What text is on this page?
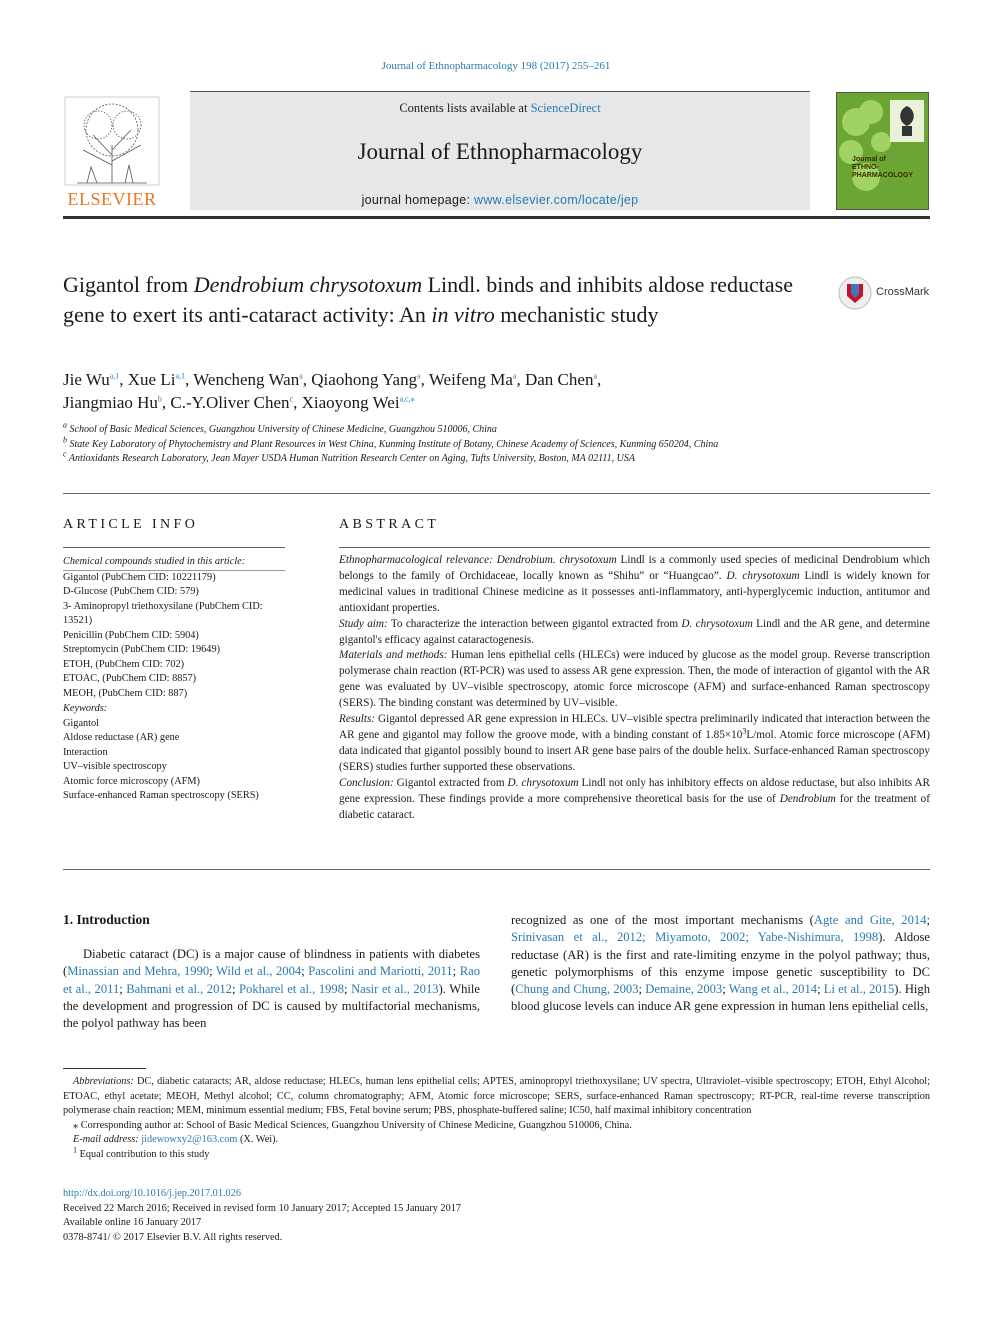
Journal of Ethnopharmacology 198 (2017) 255–261
ELSEVIER
Contents lists available at ScienceDirect
Journal of Ethnopharmacology
journal homepage: www.elsevier.com/locate/jep
Journal of ETHNO-PHARMACOLOGY
Gigantol from Dendrobium chrysotoxum Lindl. binds and inhibits aldose reductase gene to exert its anti-cataract activity: An in vitro mechanistic study
CrossMark
Jie Wu$^{a,1}$, Xue Li$^{a,1}$, Wencheng Wan$^a$, Qiaohong Yang$^a$, Weifeng Ma$^a$, Dan Chen$^a$,
Jiangmiao Hu$^b$, C.-Y.Oliver Chen$^c$, Xiaoyong Wei$^{a,c,⁎}$
$^a$ School of Basic Medical Sciences, Guangzhou University of Chinese Medicine, Guangzhou 510006, China
$^b$ State Key Laboratory of Phytochemistry and Plant Resources in West China, Kunming Institute of Botany, Chinese Academy of Sciences, Kunming 650204, China
$^c$ Antioxidants Research Laboratory, Jean Mayer USDA Human Nutrition Research Center on Aging, Tufts University, Boston, MA 02111, USA
ARTICLE INFO
Chemical compounds studied in this article:
Gigantol (PubChem CID: 10221179)
D-Glucose (PubChem CID: 579)
3- Aminopropyl triethoxysilane (PubChem CID: 13521)
Penicillin (PubChem CID: 5904)
Streptomycin (PubChem CID: 19649)
ETOH, (PubChem CID: 702)
ETOAC, (PubChem CID: 8857)
MEOH, (PubChem CID: 887)
Keywords:
Gigantol
Aldose reductase (AR) gene
Interaction
UV–visible spectroscopy
Atomic force microscopy (AFM)
Surface-enhanced Raman spectroscopy (SERS)
ABSTRACT

Ethnopharmacological relevance: Dendrobium. chrysotoxum Lindl is a commonly used species of medicinal Dendrobium which belongs to the family of Orchidaceae, locally known as “Shihu” or “Huangcao”. D. chrysotoxum Lindl is widely known for medicinal values in traditional Chinese medicine as it possesses anti-inflammatory, anti-hyperglycemic induction, antitumor and antioxidant properties.

Study aim: To characterize the interaction between gigantol extracted from D. chrysotoxum Lindl and the AR gene, and determine gigantol's efficacy against cataractogenesis.

Materials and methods: Human lens epithelial cells (HLECs) were induced by glucose as the model group. Reverse transcription polymerase chain reaction (RT-PCR) was used to assess AR gene expression. Then, the mode of interaction of gigantol with the AR gene was evaluated by UV–visible spectroscopy, atomic force microscope (AFM) and surface-enhanced Raman spectroscopy (SERS). The binding constant was determined by UV–visible.

Results: Gigantol depressed AR gene expression in HLECs. UV–visible spectra preliminarily indicated that interaction between the AR gene and gigantol may follow the groove mode, with a binding constant of $1.85\times 10^3L$/mol. Atomic force microscope (AFM) data indicated that gigantol possibly bound to insert AR gene base pairs of the double helix. Surface-enhanced Raman spectroscopy (SERS) studies further supported these observations.

Conclusion: Gigantol extracted from D. chrysotoxum Lindl not only has inhibitory effects on aldose reductase, but also inhibits AR gene expression. These findings provide a more comprehensive theoretical basis for the use of Dendrobium for the treatment of diabetic cataract.

1. Introduction

Diabetic cataract (DC) is a major cause of blindness in patients with diabetes (Minassian and Mehra, 1990; Wild et al., 2004; Pascolini and Mariotti, 2011; Rao et al., 2011; Bahmani et al., 2012; Pokharel et al., 1998; Nasir et al., 2013). While the development and progression of DC is caused by multifactorial mechanisms, the polyol pathway has been

recognized as one of the most important mechanisms (Agte and Gite, 2014; Srinivasan et al., 2012; Miyamoto, 2002; Yabe-Nishimura, 1998). Aldose reductase (AR) is the first and rate-limiting enzyme in the polyol pathway; thus, genetic polymorphisms of this enzyme impose genetic susceptibility to DC (Chung and Chung, 2003; Demaine, 2003; Wang et al., 2014; Li et al., 2015). High blood glucose levels can induce AR gene expression in human lens epithelial cells,

Abbreviations: DC, diabetic cataracts; AR, aldose reductase; HLECs, human lens epithelial cells; APTES, aminopropyl triethoxysilane; UV spectra, Ultraviolet–visible spectroscopy; ETOH, Ethyl Alcohol; ETOAC, ethyl acetate; MEOH, Methyl alcohol; CC, column chromatography; AFM, Atomic force microscope; SERS, surface-enhanced Raman spectroscopy; RT-PCR, real-time reverse transcription polymerase chain reaction; MEM, minimum essential medium; FBS, Fetal bovine serum; PBS, phosphate-buffered saline; IC50, half maximal inhibitory concentration

⁎ Corresponding author at: School of Basic Medical Sciences, Guangzhou University of Chinese Medicine, Guangzhou 510006, China.

E-mail address: jidewowxy2@163.com (X. Wei).

$^1$ Equal contribution to this study

http://dx.doi.org/10.1016/j.jep.2017.01.026
Received 22 March 2016; Received in revised form 10 January 2017; Accepted 15 January 2017
Available online 16 January 2017
0378-8741/ © 2017 Elsevier B.V. All rights reserved.
